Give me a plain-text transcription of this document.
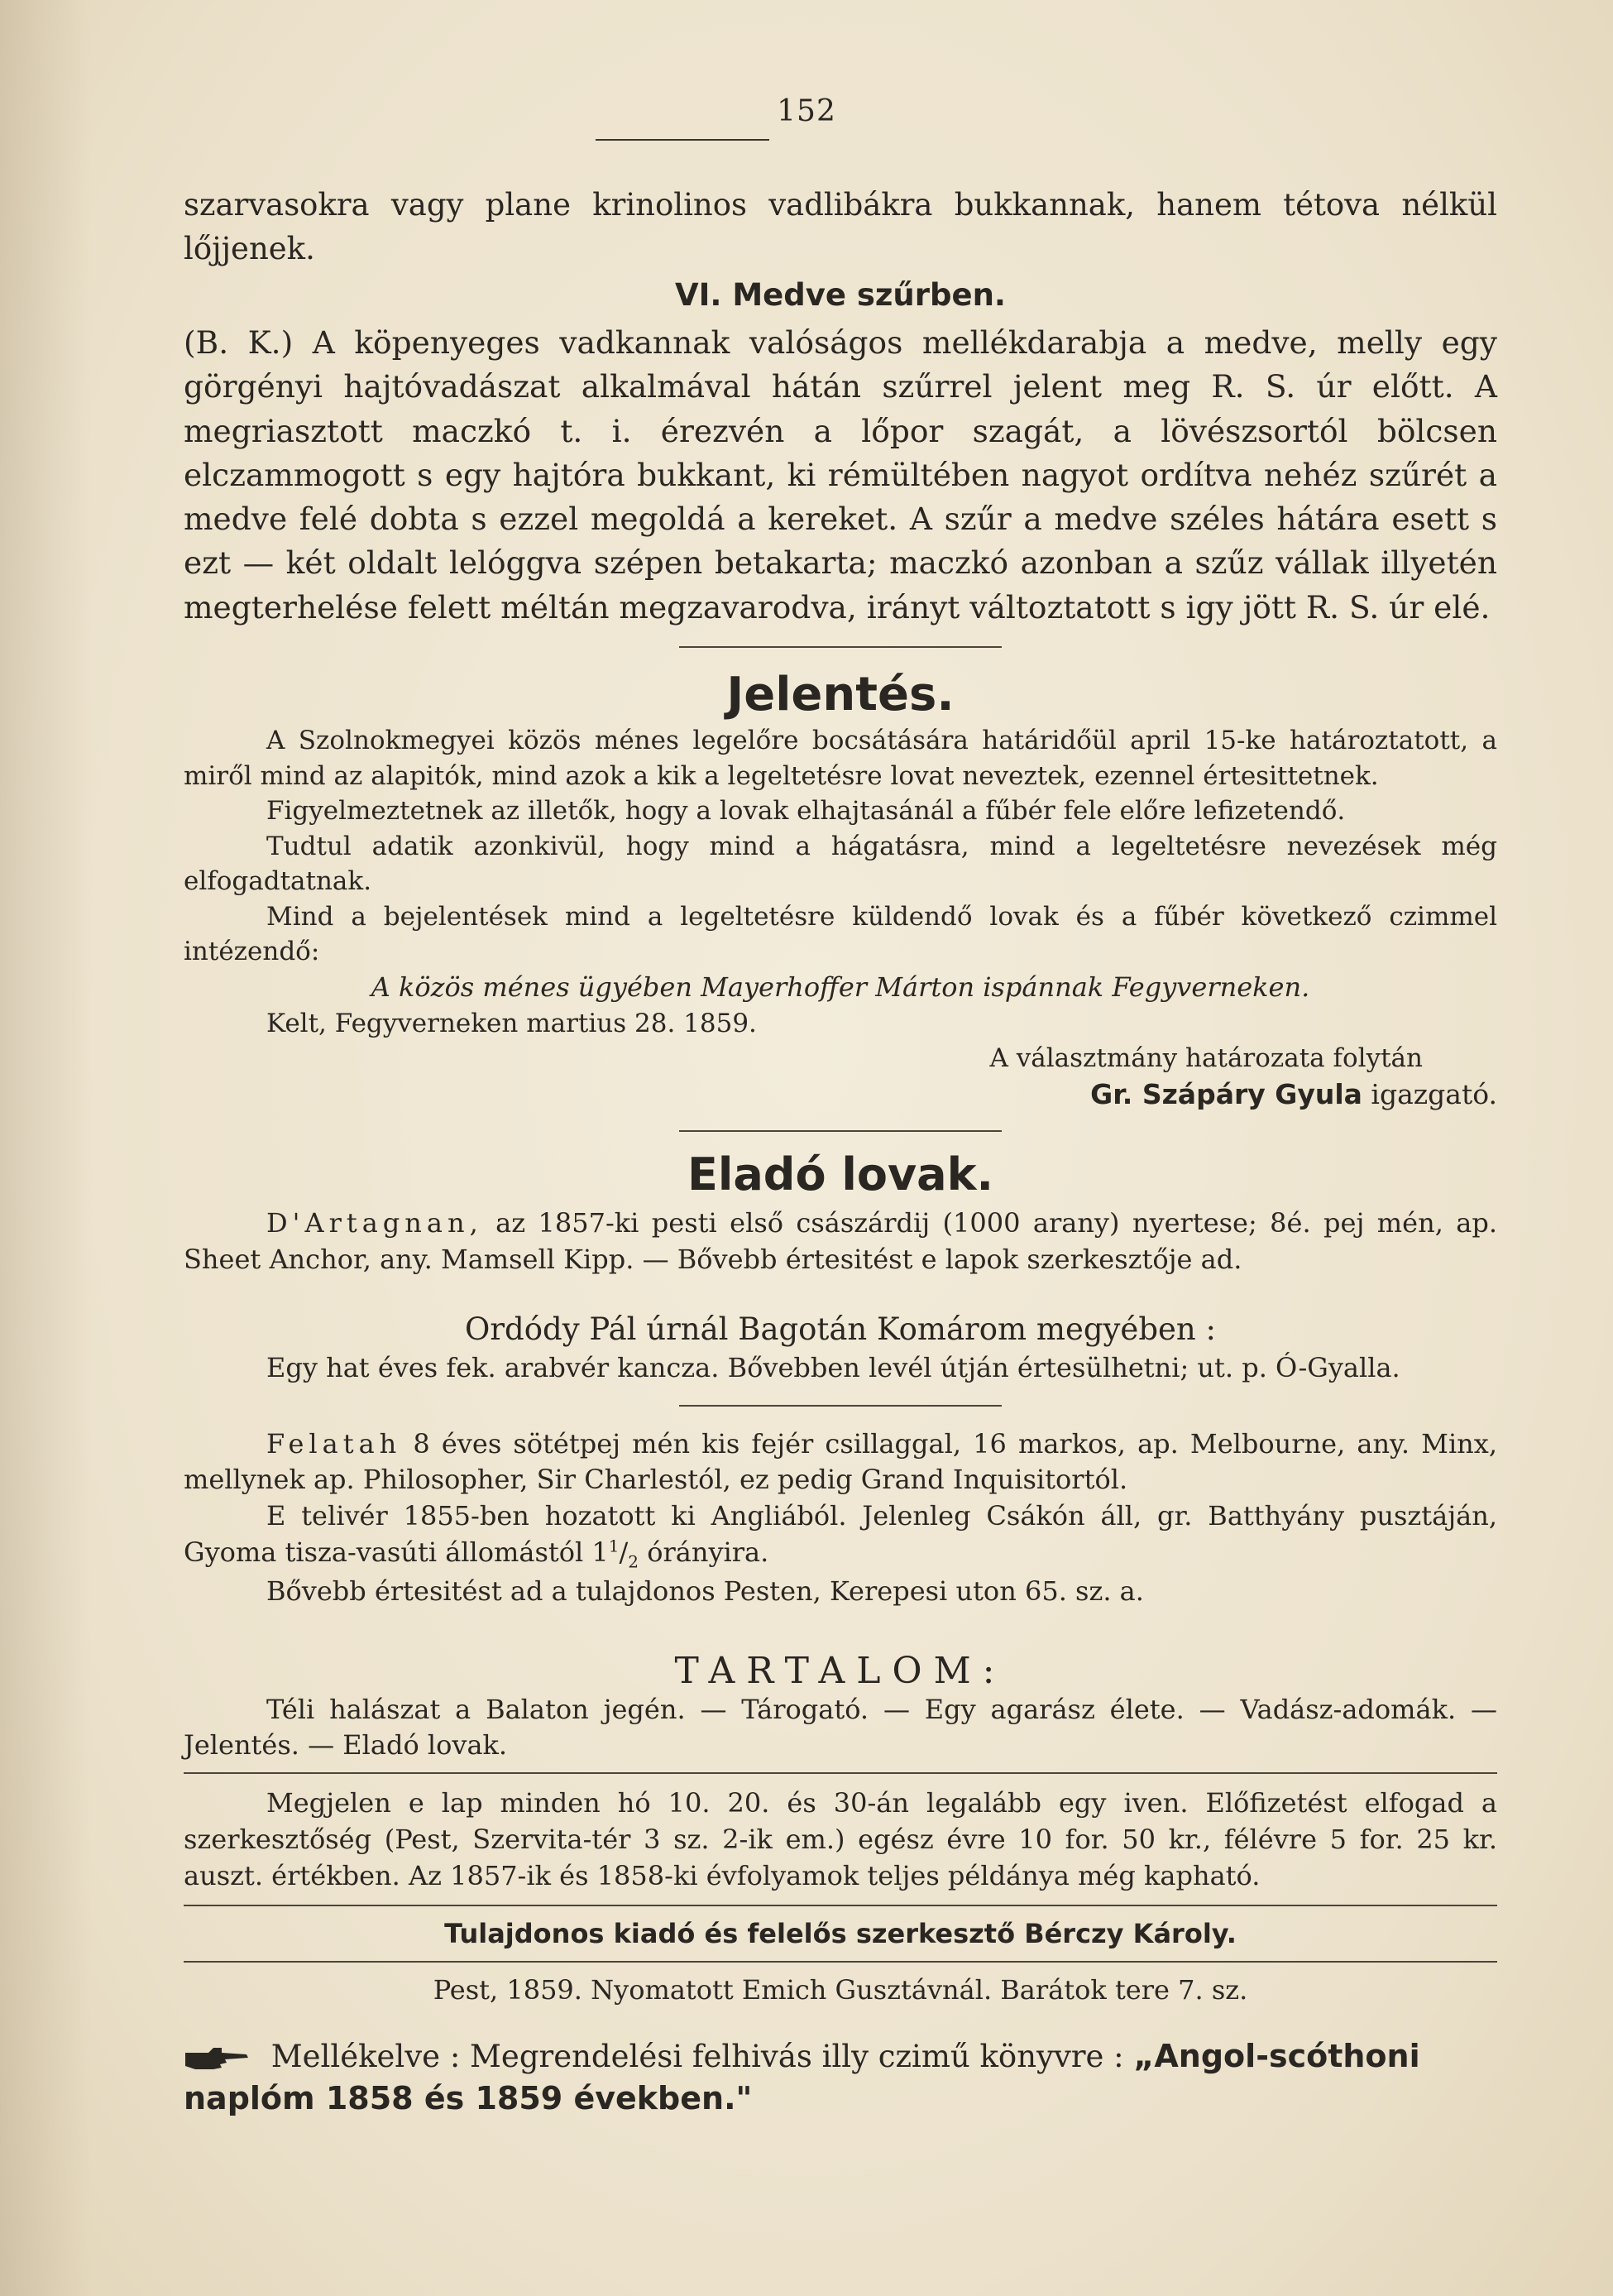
152

szarvasokra vagy plane krinolinos vadlibákra bukkannak, hanem tétova nélkül lőjjenek.

VI. Medve szűrben.

(B. K.) A köpenyeges vadkannak valóságos mellékdarabja a medve, melly egy görgényi hajtóvadászat alkalmával hátán szűrrel jelent meg R. S. úr előtt. A megriasztott maczkó t. i. érezvén a lőpor szagát, a lövészsortól bölcsen elczammogott s egy hajtóra bukkant, ki rémültében nagyot ordítva nehéz szűrét a medve felé dobta s ezzel megoldá a kereket. A szűr a medve széles hátára esett s ezt — két oldalt lelóggva szépen betakarta; maczkó azonban a szűz vállak illyetén megterhelése felett méltán megzavarodva, irányt változtatott s igy jött R. S. úr elé.

Jelentés.

A Szolnokmegyei közös ménes legelőre bocsátására határidőül april 15-ke határoztatott, a miről mind az alapitók, mind azok a kik a legeltetésre lovat neveztek, ezennel értesittetnek.

Figyelmeztetnek az illetők, hogy a lovak elhajtasánál a fűbér fele előre lefizetendő.

Tudtul adatik azonkivül, hogy mind a hágatásra, mind a legeltetésre nevezések még elfogadtatnak.

Mind a bejelentések mind a legeltetésre küldendő lovak és a fűbér következő czimmel intézendő:

A közös ménes ügyében Mayerhoffer Márton ispánnak Fegyverneken.

Kelt, Fegyverneken martius 28. 1859.

A választmány határozata folytán

Gr. Szápáry Gyula igazgató.

Eladó lovak.

D'Artagnan, az 1857-ki pesti első császárdij (1000 arany) nyertese; 8é. pej mén, ap. Sheet Anchor, any. Mamsell Kipp. — Bővebb értesitést e lapok szerkesztője ad.

Ordódy Pál úrnál Bagotán Komárom megyében :

Egy hat éves fek. arabvér kancza. Bővebben levél útján értesülhetni; ut. p. Ó-Gyalla.

Felatah 8 éves sötétpej mén kis fejér csillaggal, 16 markos, ap. Melbourne, any. Minx, mellynek ap. Philosopher, Sir Charlestól, ez pedig Grand Inquisitortól.

E telivér 1855-ben hozatott ki Angliából. Jelenleg Csákón áll, gr. Batthyány pusztáján, Gyoma tisza-vasúti állomástól $1^1/_2$ órányira.

Bővebb értesitést ad a tulajdonos Pesten, Kerepesi uton 65. sz. a.

TARTALOM:

Téli halászat a Balaton jegén. — Tárogató. — Egy agarász élete. — Vadász-adomák. — Jelentés. — Eladó lovak.

Megjelen e lap minden hó 10. 20. és 30-án legalább egy iven. Előfizetést elfogad a szerkesztőség (Pest, Szervita-tér 3 sz. 2-ik em.) egész évre 10 for. 50 kr., félévre 5 for. 25 kr. auszt. értékben. Az 1857-ik és 1858-ki évfolyamok teljes példánya még kapható.

Tulajdonos kiadó és felelős szerkesztő Bérczy Károly.

Pest, 1859. Nyomatott Emich Gusztávnál. Barátok tere 7. sz.

Mellékelve : Megrendelési felhivás illy czimű könyvre : „Angol-scóthoni naplóm 1858 és 1859 években."
